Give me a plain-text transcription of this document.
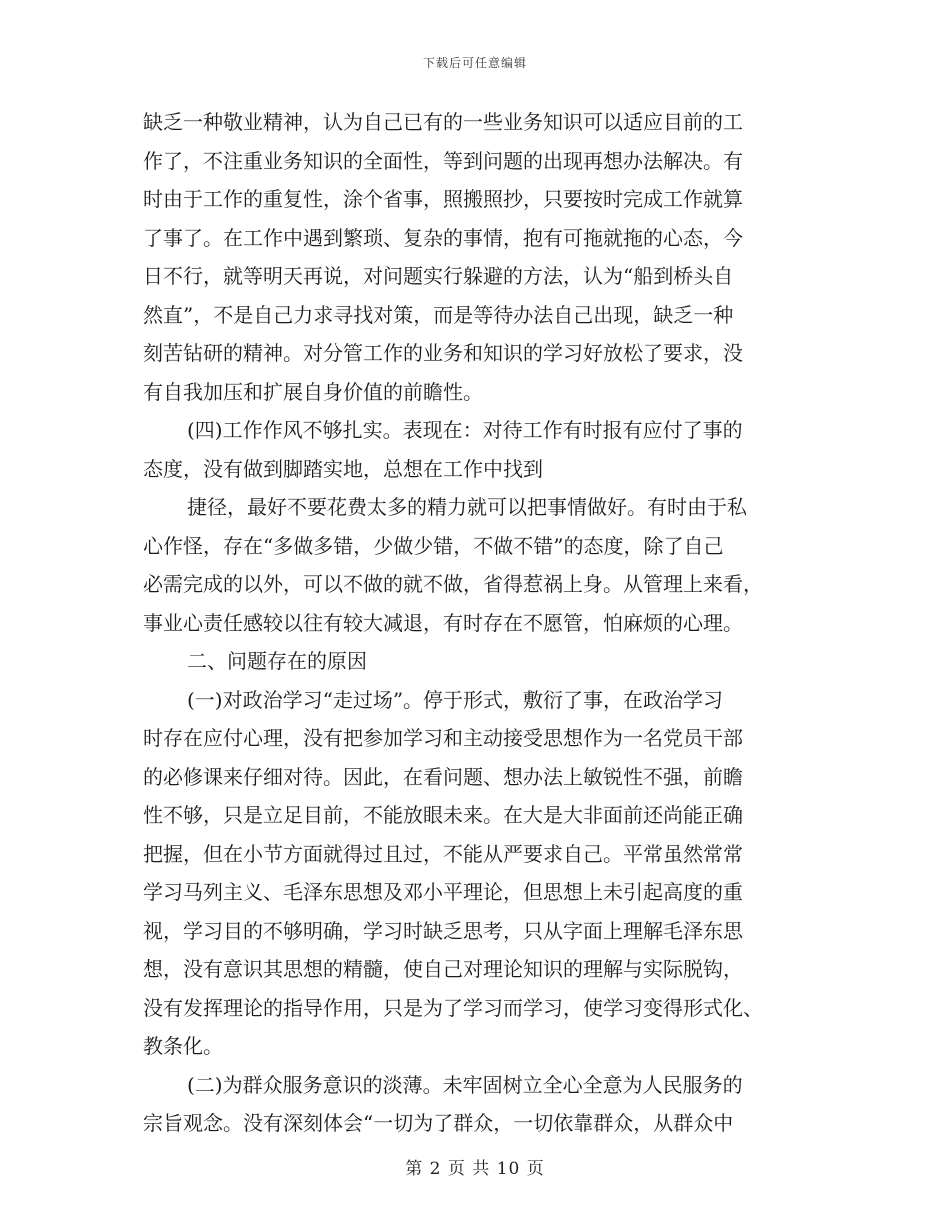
下载后可任意编辑
缺乏一种敬业精神，认为自己已有的一些业务知识可以适应目前的工
作了，不注重业务知识的全面性，等到问题的出现再想办法解决。有
时由于工作的重复性，涂个省事，照搬照抄，只要按时完成工作就算
了事了。在工作中遇到繁琐、复杂的事情，抱有可拖就拖的心态，今
日不行，就等明天再说，对问题实行躲避的方法，认为“船到桥头自
然直”，不是自己力求寻找对策，而是等待办法自己出现，缺乏一种
刻苦钻研的精神。对分管工作的业务和知识的学习好放松了要求，没
有自我加压和扩展自身价值的前瞻性。
(四)工作作风不够扎实。表现在：对待工作有时报有应付了事的
态度，没有做到脚踏实地，总想在工作中找到
捷径，最好不要花费太多的精力就可以把事情做好。有时由于私
心作怪，存在“多做多错，少做少错，不做不错”的态度，除了自己
必需完成的以外，可以不做的就不做，省得惹祸上身。从管理上来看，
事业心责任感较以往有较大减退，有时存在不愿管，怕麻烦的心理。
二、问题存在的原因
(一)对政治学习“走过场”。停于形式，敷衍了事，在政治学习
时存在应付心理，没有把参加学习和主动接受思想作为一名党员干部
的必修课来仔细对待。因此，在看问题、想办法上敏锐性不强，前瞻
性不够，只是立足目前，不能放眼未来。在大是大非面前还尚能正确
把握，但在小节方面就得过且过，不能从严要求自己。平常虽然常常
学习马列主义、毛泽东思想及邓小平理论，但思想上未引起高度的重
视，学习目的不够明确，学习时缺乏思考，只从字面上理解毛泽东思
想，没有意识其思想的精髓，使自己对理论知识的理解与实际脱钩，
没有发挥理论的指导作用，只是为了学习而学习，使学习变得形式化、
教条化。
(二)为群众服务意识的淡薄。未牢固树立全心全意为人民服务的
宗旨观念。没有深刻体会“一切为了群众，一切依靠群众，从群众中
第 2 页 共 10 页
